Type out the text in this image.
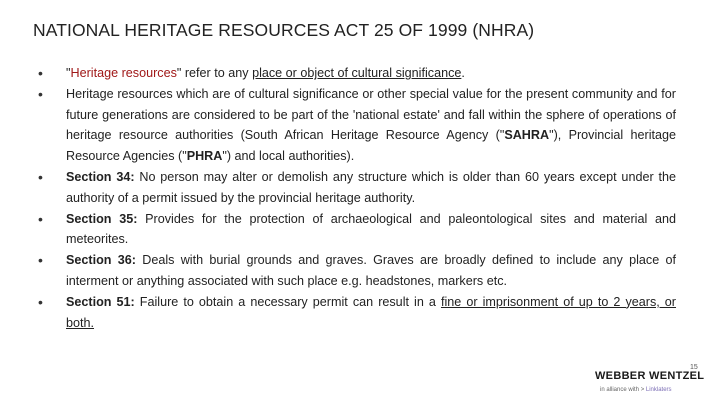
NATIONAL HERITAGE RESOURCES ACT 25 OF 1999 (NHRA)
• "Heritage resources" refer to any place or object of cultural significance.
• Heritage resources which are of cultural significance or other special value for the present community and for future generations are considered to be part of the 'national estate' and fall within the sphere of operations of heritage resource authorities (South African Heritage Resource Agency ("SAHRA"), Provincial heritage Resource Agencies ("PHRA") and local authorities).
• Section 34: No person may alter or demolish any structure which is older than 60 years except under the authority of a permit issued by the provincial heritage authority.
• Section 35: Provides for the protection of archaeological and paleontological sites and material and meteorites.
• Section 36: Deals with burial grounds and graves. Graves are broadly defined to include any place of interment or anything associated with such place e.g. headstones, markers etc.
• Section 51: Failure to obtain a necessary permit can result in a fine or imprisonment of up to 2 years, or both.
15
WEBBER WENTZEL
in alliance with > Linklaters
